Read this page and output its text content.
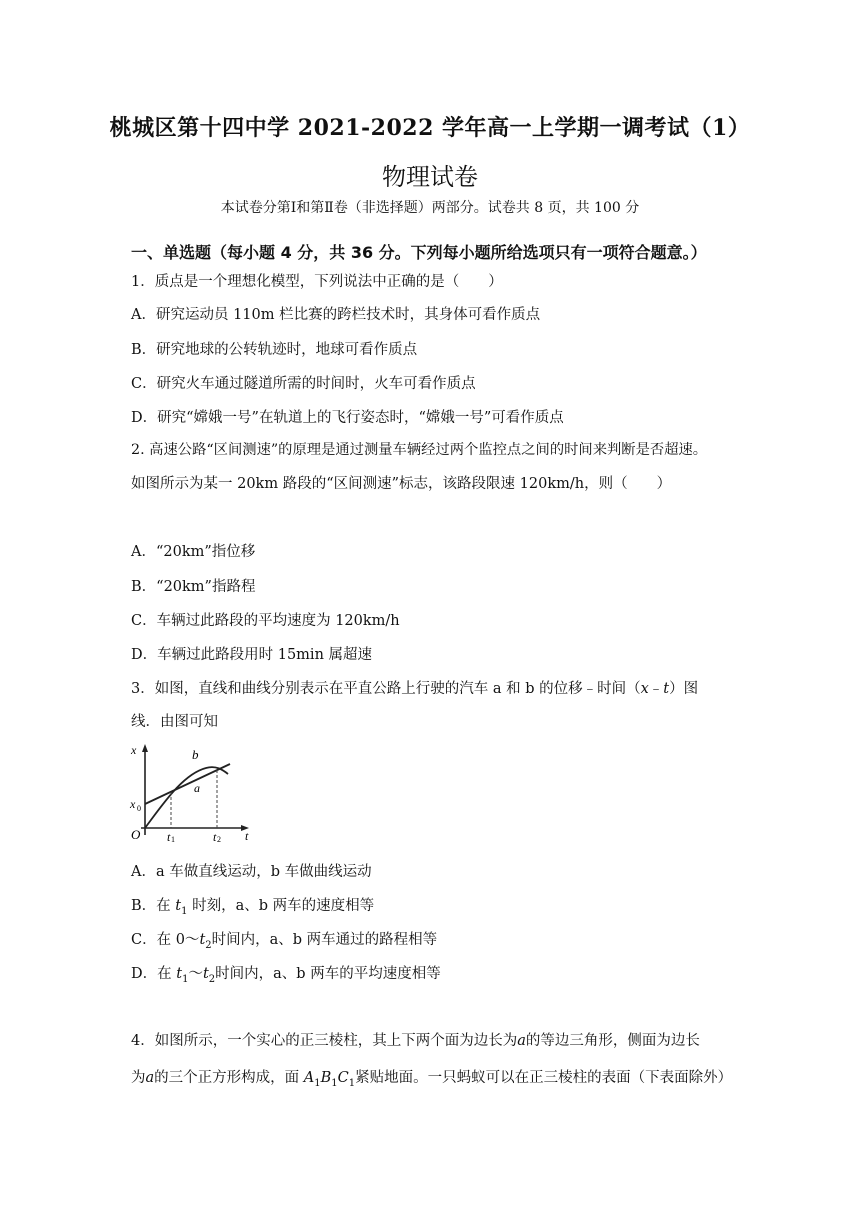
桃城区第十四中学 2021-2022 学年高一上学期一调考试（1）
物理试卷
本试卷分第Ⅰ和第Ⅱ卷（非选择题）两部分。试卷共 8 页，共 100 分
一、单选题（每小题 4 分，共 36 分。下列每小题所给选项只有一项符合题意。）
1．质点是一个理想化模型，下列说法中正确的是（　　）
A．研究运动员 110m 栏比赛的跨栏技术时，其身体可看作质点
B．研究地球的公转轨迹时，地球可看作质点
C．研究火车通过隧道所需的时间时，火车可看作质点
D．研究“嫦娥一号”在轨道上的飞行姿态时，“嫦娥一号”可看作质点
2. 高速公路“区间测速”的原理是通过测量车辆经过两个监控点之间的时间来判断是否超速。
如图所示为某一 20km 路段的“区间测速”标志，该路段限速 120km/h，则（　　）
A．“20km”指位移
B．“20km”指路程
C．车辆过此路段的平均速度为 120km/h
D．车辆过此路段用时 15min 属超速
3．如图，直线和曲线分别表示在平直公路上行驶的汽车 a 和 b 的位移﹣时间（x﹣t）图
线．由图可知
x
t
O
x 0
t 1	t 2
a
b
A．a 车做直线运动，b 车做曲线运动
B．在 $t_1$ 时刻，a、b 两车的速度相等
C．在 $0\sim t_2$时间内，a、b 两车通过的路程相等
D．在 $t_1\sim t_2$时间内，a、b 两车的平均速度相等
4．如图所示，一个实心的正三棱柱，其上下两个面为边长为a的等边三角形，侧面为边长
为a的三个正方形构成，面 $A_1B_1C_1$紧贴地面。一只蚂蚁可以在正三棱柱的表面（下表面除外）
